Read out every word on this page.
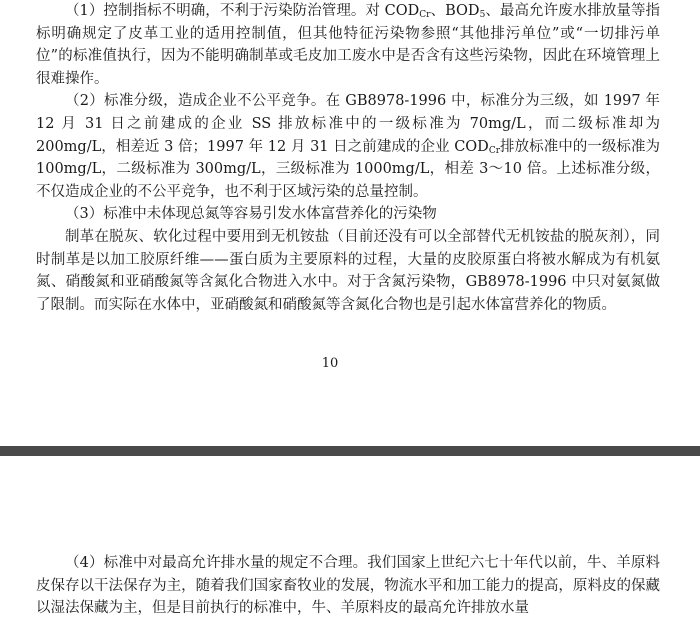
（1）控制指标不明确，不利于污染防治管理。对 $COD_{Cr}$、$BOD_5$、最高允许废水排放量等指标明确规定了皮革工业的适用控制值，但其他特征污染物参照“其他排污单位”或“一切排污单位”的标准值执行，因为不能明确制革或毛皮加工废水中是否含有这些污染物，因此在环境管理上很难操作。

（2）标准分级，造成企业不公平竞争。在 GB8978-1996 中，标准分为三级，如 1997 年 12 月 31 日之前建成的企业 SS 排放标准中的一级标准为 70mg/L，而二级标准却为 200mg/L，相差近 3 倍；1997 年 12 月 31 日之前建成的企业 $COD_{Cr}$排放标准中的一级标准为 100mg/L，二级标准为 300mg/L，三级标准为 1000mg/L，相差 3～10 倍。上述标准分级，不仅造成企业的不公平竞争，也不利于区域污染的总量控制。

（3）标准中未体现总氮等容易引发水体富营养化的污染物

制革在脱灰、软化过程中要用到无机铵盐（目前还没有可以全部替代无机铵盐的脱灰剂），同时制革是以加工胶原纤维——蛋白质为主要原料的过程，大量的皮胶原蛋白将被水解成为有机氨氮、硝酸氮和亚硝酸氮等含氮化合物进入水中。对于含氮污染物，GB8978-1996 中只对氨氮做了限制。而实际在水体中，亚硝酸氮和硝酸氮等含氮化合物也是引起水体富营养化的物质。

10

（4）标准中对最高允许排水量的规定不合理。我们国家上世纪六七十年代以前，牛、羊原料皮保存以干法保存为主，随着我们国家畜牧业的发展，物流水平和加工能力的提高，原料皮的保藏以湿法保藏为主，但是目前执行的标准中，牛、羊原料皮的最高允许排放水量
